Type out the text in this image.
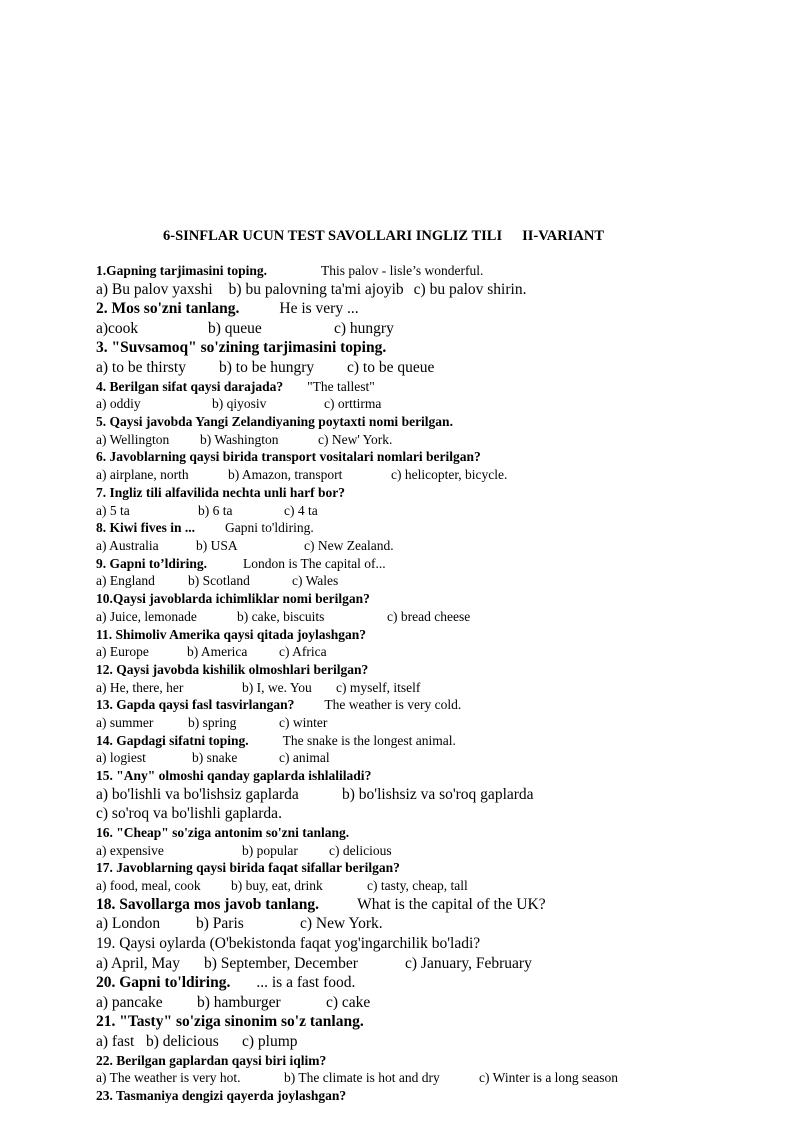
6-SINFLAR UCUN TEST SAVOLLARI INGLIZ TILI II-VARIANT
1.Gapning tarjimasini toping.	This palov - lisle’s wonderful.
a) Bu palov yaxshi b) bu palovning ta'mi ajoyib c) bu palov shirin.
2. Mos so'zni tanlang.	He is very ...
a)cook	b) queue	c) hungry
3. "Suvsamoq" so'zining tarjimasini toping.
a) to be thirsty b) to be hungry c) to be queue
4. Berilgan sifat qaysi darajada? "The tallest"
a) oddiy	b) qiyosiv	c) orttirma
5. Qaysi javobda Yangi Zelandiyaning poytaxti nomi berilgan.
a) Wellington b) Washington	c) New' York.
6. Javoblarning qaysi birida transport vositalari nomlari berilgan?
a) airplane, north	b) Amazon, transport	c) helicopter, bicycle.
7. Ingliz tili alfavilida nechta unli harf bor?
a) 5 ta	b) 6 ta	c) 4 ta
8. Kiwi fives in ... Gapni to'ldiring.
a) Australia	b) USA	c) New Zealand.
9. Gapni to’ldiring.	London is The capital of...
a) England b) Scotland	c) Wales
10.Qaysi javoblarda ichimliklar nomi berilgan?
a) Juice, lemonade	b) cake, biscuits	c) bread cheese
11. Shimoliv Amerika qaysi qitada joylashgan?
a) Europe	b) America c) Africa
12. Qaysi javobda kishilik olmoshlari berilgan?
a) He, there, her	b) I, we. You c) myself, itself
13. Gapda qaysi fasl tasvirlangan? The weather is very cold.
a) summer	b) spring	c) winter
14. Gapdagi sifatni toping.	The snake is the longest animal.
a) logiest	b) snake	c) animal
15. "Any" olmoshi qanday gaplarda ishlaliladi?
a) bo'lishli va bo'lishsiz gaplarda	b) bo'lishsiz va so'roq gaplarda
c) so'roq va bo'lishli gaplarda.
16. "Cheap" so'ziga antonim so'zni tanlang.
a) expensive	b) popular c) delicious
17. Javoblarning qaysi birida faqat sifallar berilgan?
a) food, meal, cook b) buy, eat, drink	c) tasty, cheap, tall
18. Savollarga mos javob tanlang. What is the capital of the UK?
a) London b) Paris	c) New York.
19. Qaysi oylarda (O'bekistonda faqat yog'ingarchilik bo'ladi?
a) April, May b) September, December	c) January, February
20. Gapni to'ldiring. ... is a fast food.
a) pancake b) hamburger	c) cake
21. "Tasty" so'ziga sinonim so'z tanlang.
a) fast b) delicious c) plump
22. Berilgan gaplardan qaysi biri iqlim?
a) The weather is very hot.	b) The climate is hot and dry	c) Winter is a long season
23. Tasmaniya dengizi qayerda joylashgan?
